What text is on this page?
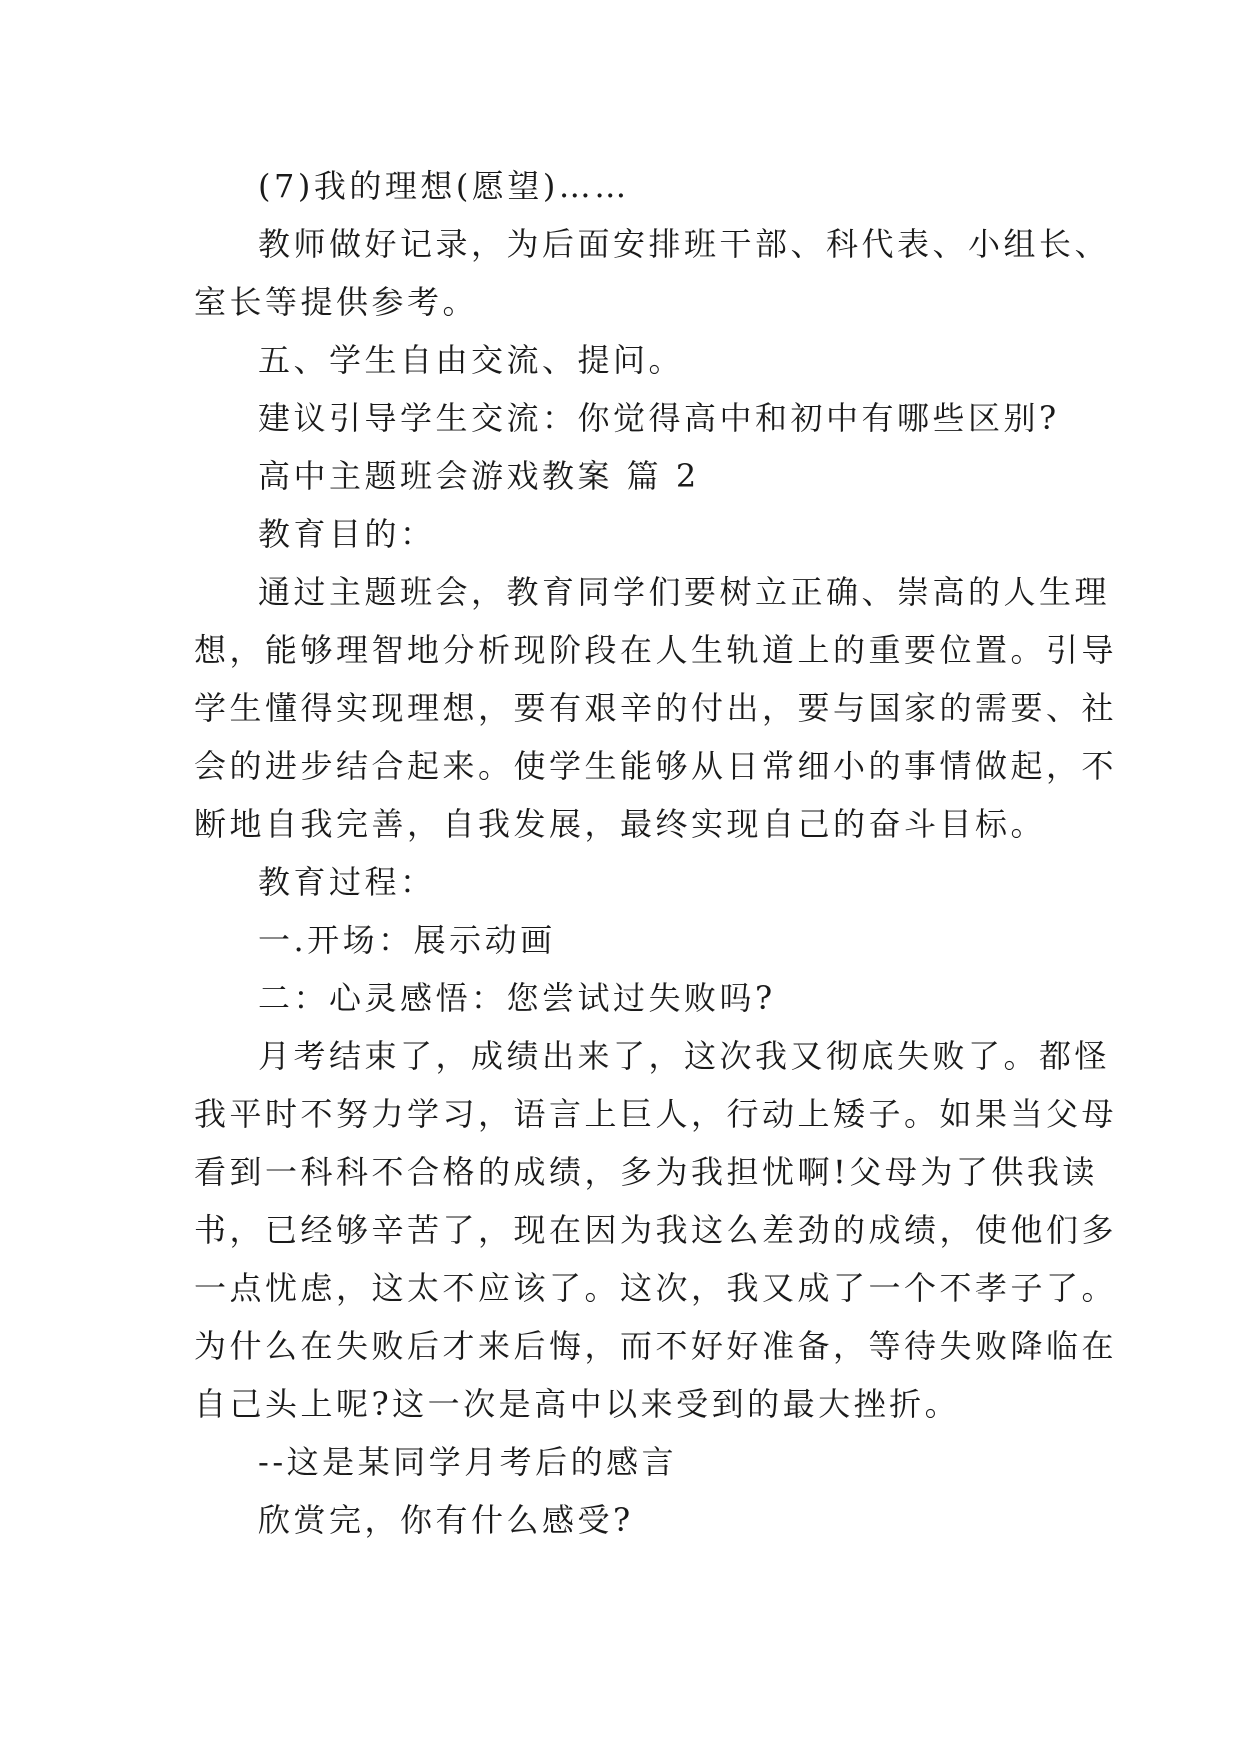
(7)我的理想(愿望)……
教师做好记录，为后面安排班干部、科代表、小组长、
室长等提供参考。
五、学生自由交流、提问。
建议引导学生交流：你觉得高中和初中有哪些区别?
高中主题班会游戏教案 篇 2
教育目的：
通过主题班会，教育同学们要树立正确、崇高的人生理
想，能够理智地分析现阶段在人生轨道上的重要位置。引导
学生懂得实现理想，要有艰辛的付出，要与国家的需要、社
会的进步结合起来。使学生能够从日常细小的事情做起，不
断地自我完善，自我发展，最终实现自己的奋斗目标。
教育过程：
一.开场：展示动画
二：心灵感悟：您尝试过失败吗?
月考结束了，成绩出来了，这次我又彻底失败了。都怪
我平时不努力学习，语言上巨人，行动上矮子。如果当父母
看到一科科不合格的成绩，多为我担忧啊!父母为了供我读
书，已经够辛苦了，现在因为我这么差劲的成绩，使他们多
一点忧虑，这太不应该了。这次，我又成了一个不孝子了。
为什么在失败后才来后悔，而不好好准备，等待失败降临在
自己头上呢?这一次是高中以来受到的最大挫折。
--这是某同学月考后的感言
欣赏完，你有什么感受?
